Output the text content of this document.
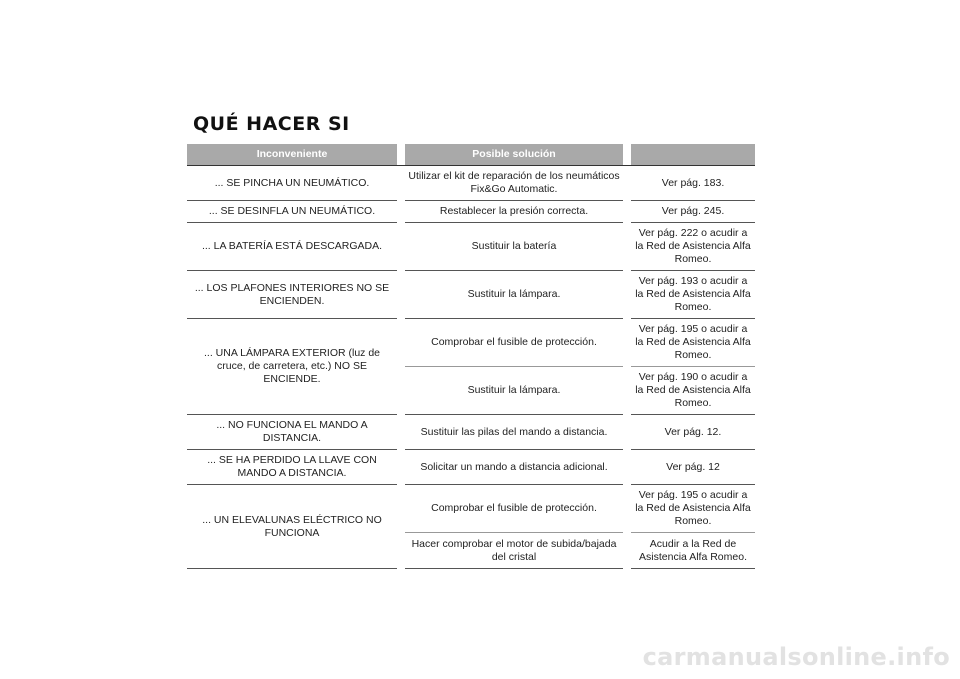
QUÉ HACER SI
Inconveniente		Posible solución		
... SE PINCHA UN NEUMÁTICO.		Utilizar el kit de reparación de los neumáticos Fix&Go Automatic.		Ver pág. 183.
... SE DESINFLA UN NEUMÁTICO.		Restablecer la presión correcta.		Ver pág. 245.
... LA BATERÍA ESTÁ DESCARGADA.		Sustituir la batería		Ver pág. 222 o acudir a la Red de Asistencia Alfa Romeo.
... LOS PLAFONES INTERIORES NO SE ENCIENDEN.		Sustituir la lámpara.		Ver pág. 193 o acudir a la Red de Asistencia Alfa Romeo.
... UNA LÁMPARA EXTERIOR (luz de cruce, de carretera, etc.) NO SE ENCIENDE.		Comprobar el fusible de protección.		Ver pág. 195 o acudir a la Red de Asistencia Alfa Romeo.
		Sustituir la lámpara.		Ver pág. 190 o acudir a la Red de Asistencia Alfa Romeo.
... NO FUNCIONA EL MANDO A DISTANCIA.		Sustituir las pilas del mando a distancia.		Ver pág. 12.
... SE HA PERDIDO LA LLAVE CON MANDO A DISTANCIA.		Solicitar un mando a distancia adicional.		Ver pág. 12
... UN ELEVALUNAS ELÉCTRICO NO FUNCIONA		Comprobar el fusible de protección.		Ver pág. 195 o acudir a la Red de Asistencia Alfa Romeo.
		Hacer comprobar el motor de subida/bajada del cristal		Acudir a la Red de Asistencia Alfa Romeo.
carmanualsonline.info
